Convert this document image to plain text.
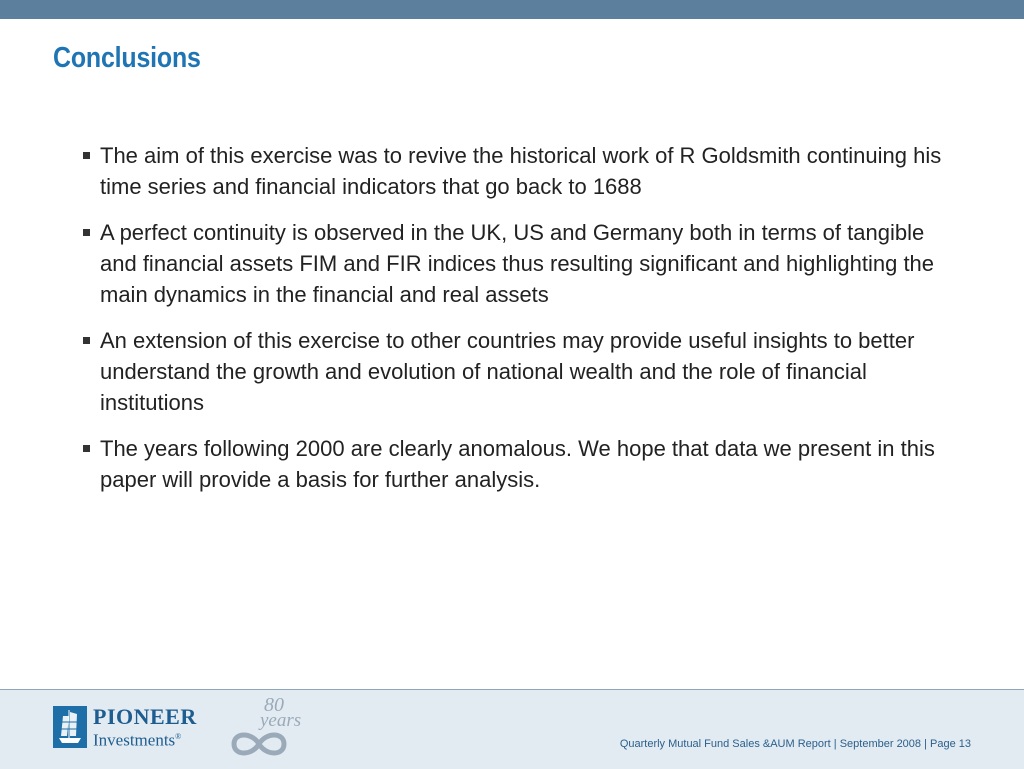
Conclusions
The aim of this exercise was to revive the historical work of R Goldsmith continuing his time series and financial indicators that go back to 1688
A perfect continuity is observed in the UK, US and Germany both in terms of tangible and financial assets FIM and FIR indices thus resulting significant and highlighting the main dynamics in the financial and real assets
An extension of this exercise to other countries may provide useful insights to better understand the growth and evolution of national wealth and the role of financial institutions
The years following 2000 are clearly anomalous. We hope that data we present in this paper will provide a basis for further analysis.
PIONEER
Investments®

80

years

Quarterly Mutual Fund Sales &AUM Report | September 2008 | Page 13
